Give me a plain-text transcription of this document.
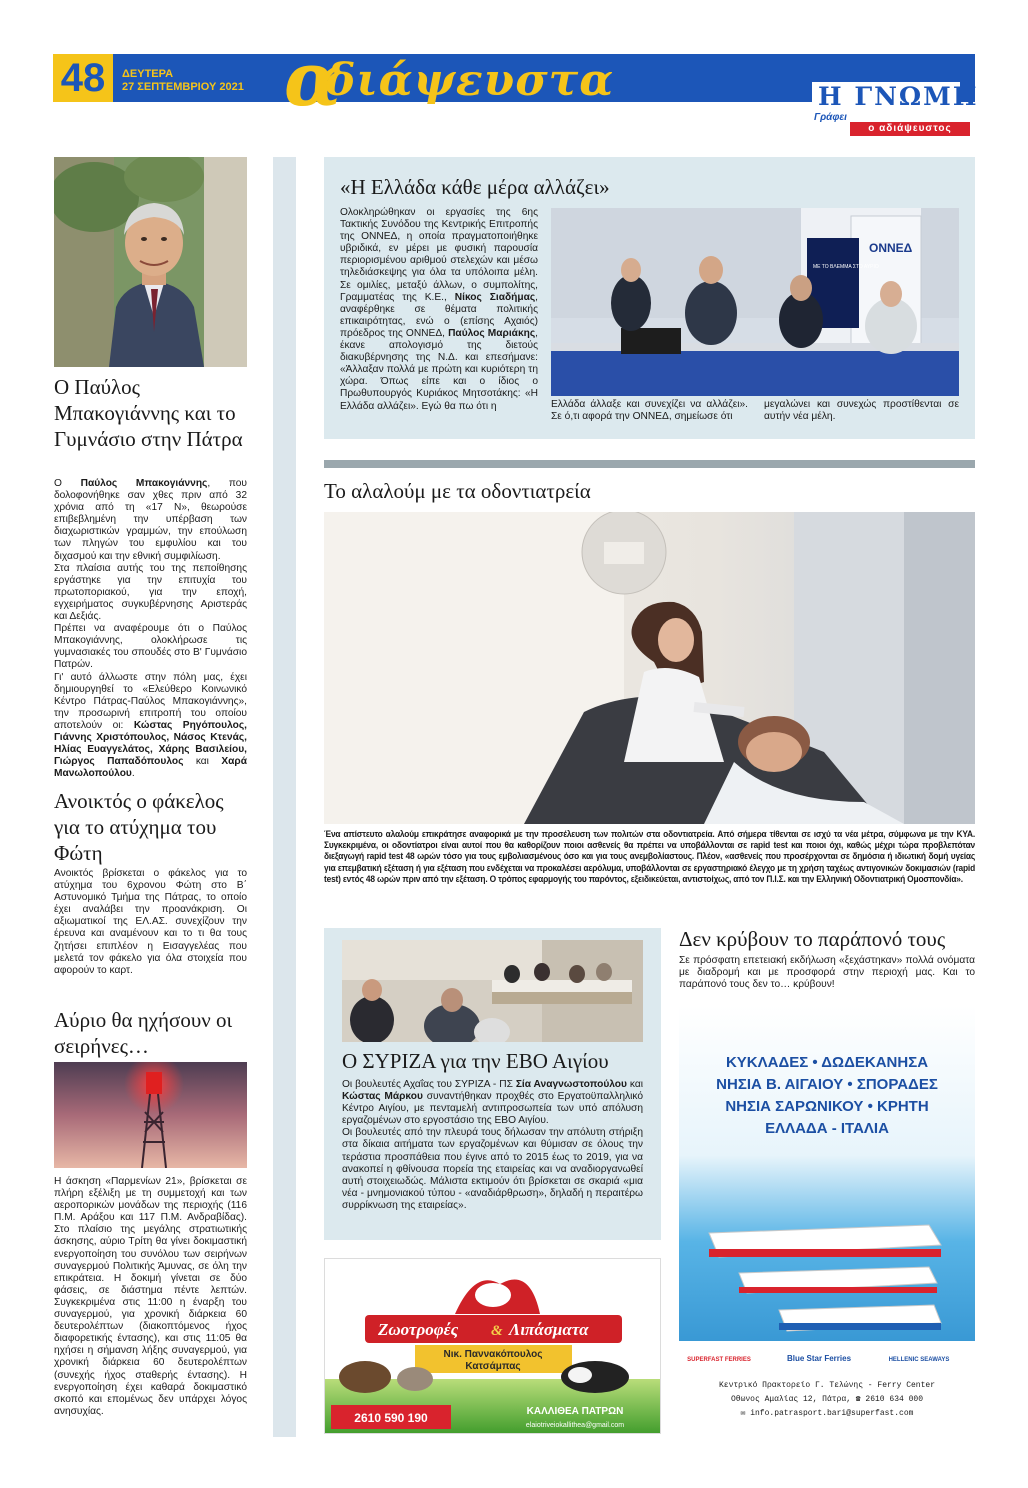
48	ΔΕΥΤΕΡΑ
27 ΣΕΠΤΕΜΒΡΙΟΥ 2021 α
διάψευστα	Η ΓΝΩΜΗ
Γράφει
ο αδιάψευστος
Ο Παύλος Μπακογιάννης και το Γυμνάσιο στην Πάτρα
Ο Παύλος Μπακογιάννης, που δολοφονήθηκε σαν χθες πριν από 32 χρόνια από τη «17 Ν», θεωρούσε επιβεβλημένη την υπέρβαση των διαχωριστικών γραμμών, την επούλωση των πληγών του εμφυλίου και του διχασμού και την εθνική συμφιλίωση.
Στα πλαίσια αυτής του της πεποίθησης εργάστηκε για την επιτυχία του πρωτοποριακού, για την εποχή, εγχειρήματος συγκυβέρνησης Αριστεράς και Δεξιάς.
Πρέπει να αναφέρουμε ότι ο Παύλος Μπακογιάννης, ολοκλήρωσε τις γυμνασιακές του σπουδές στο Β' Γυμνάσιο Πατρών.
Γι' αυτό άλλωστε στην πόλη μας, έχει δημιουργηθεί το «Ελεύθερο Κοινωνικό Κέντρο Πάτρας-Παύλος Μπακογιάννης», την προσωρινή επιτροπή του οποίου αποτελούν οι: Κώστας Ρηγόπουλος, Γιάννης Χριστόπουλος, Νάσος Κτενάς, Ηλίας Ευαγγελάτος, Χάρης Βασιλείου, Γιώργος Παπαδόπουλος και Χαρά Μανωλοπούλου.
Ανοικτός ο φάκελος για το ατύχημα του Φώτη
Ανοικτός βρίσκεται ο φάκελος για το ατύχημα του 6χρονου Φώτη στο Β΄ Αστυνομικό Τμήμα της Πάτρας, το οποίο έχει αναλάβει την προανάκριση. Οι αξιωματικοί της ΕΛ.ΑΣ. συνεχίζουν την έρευνα και αναμένουν και το τι θα τους ζητήσει επιπλέον η Εισαγγελέας που μελετά τον φάκελο για όλα στοιχεία που αφορούν το καρτ.
Αύριο θα ηχήσουν οι σειρήνες…
Η άσκηση «Παρμενίων 21», βρίσκεται σε πλήρη εξέλιξη με τη συμμετοχή και των αεροπορικών μονάδων της περιοχής (116 Π.Μ. Αράξου και 117 Π.Μ. Ανδραβίδας). Στο πλαίσιο της μεγάλης στρατιωτικής άσκησης, αύριο Τρίτη θα γίνει δοκιμαστική ενεργοποίηση του συνόλου των σειρήνων συναγερμού Πολιτικής Άμυνας, σε όλη την επικράτεια. Η δοκιμή γίνεται σε δύο φάσεις, σε διάστημα πέντε λεπτών. Συγκεκριμένα στις 11:00 η έναρξη του συναγερμού, για χρονική διάρκεια 60 δευτερολέπτων (διακοπτόμενος ήχος διαφορετικής έντασης), και στις 11:05 θα ηχήσει η σήμανση λήξης συναγερμού, για χρονική διάρκεια 60 δευτερολέπτων (συνεχής ήχος σταθερής έντασης). Η ενεργοποίηση έχει καθαρά δοκιμαστικό σκοπό και επομένως δεν υπάρχει λόγος ανησυχίας.
«Η Ελλάδα κάθε μέρα αλλάζει»
Ολοκληρώθηκαν οι εργασίες της 6ης Τακτικής Συνόδου της Κεντρικής Επιτροπής της ΟΝΝΕΔ, η οποία πραγματοποιήθηκε υβριδικά, εν μέρει με φυσική παρουσία περιορισμένου αριθμού στελεχών και μέσω τηλεδιάσκεψης για όλα τα υπόλοιπα μέλη. Σε ομιλίες, μεταξύ άλλων, ο συμπολίτης, Γραμματέας της Κ.Ε., Νίκος Σιαδήμας, αναφέρθηκε σε θέματα πολιτικής επικαιρότητας, ενώ ο (επίσης Αχαιός) πρόεδρος της ΟΝΝΕΔ, Παύλος Μαριάκης, έκανε απολογισμό της διετούς διακυβέρνησης της Ν.Δ. και επεσήμανε: «Άλλαξαν πολλά με πρώτη και κυριότερη τη χώρα. Όπως είπε και ο ίδιος ο Πρωθυπουργός Κυριάκος Μητσοτάκης: «Η Ελλάδα αλλάζει». Εγώ θα πω ότι η
ΟΝΝΕΔ
ΜΕ ΤΟ ΒΛΕΜΜΑ ΣΤΟ ΑΥΡΙΟ
Ελλάδα άλλαξε και συνεχίζει να αλλάζει». Σε ό,τι αφορά την ΟΝΝΕΔ, σημείωσε ότι
μεγαλώνει και συνεχώς προστίθενται σε αυτήν νέα μέλη.
Το αλαλούμ με τα οδοντιατρεία
Ένα απίστευτο αλαλούμ επικράτησε αναφορικά με την προσέλευση των πολιτών στα οδοντιατρεία. Από σήμερα τίθενται σε ισχύ τα νέα μέτρα, σύμφωνα με την ΚΥΑ. Συγκεκριμένα, οι οδοντίατροι είναι αυτοί που θα καθορίζουν ποιοι ασθενείς θα πρέπει να υποβάλλονται σε rapid test και ποιοι όχι, καθώς μέχρι τώρα προβλεπόταν διεξαγωγή rapid test 48 ωρών τόσο για τους εμβολιασμένους όσο και για τους ανεμβολίαστους. Πλέον, «ασθενείς που προσέρχονται σε δημόσια ή ιδιωτική δομή υγείας για επεμβατική εξέταση ή για εξέταση που ενδέχεται να προκαλέσει αερόλυμα, υποβάλλονται σε εργαστηριακό έλεγχο με τη χρήση ταχέως αντιγονικών δοκιμασιών (rapid test) εντός 48 ωρών πριν από την εξέταση. Ο τρόπος εφαρμογής του παρόντος, εξειδικεύεται, αντιστοίχως, από τον Π.Ι.Σ. και την Ελληνική Οδοντιατρική Ομοσπονδία».
Ο ΣΥΡΙΖΑ για την ΕΒΟ Αιγίου
Οι βουλευτές Αχαΐας του ΣΥΡΙΖΑ - ΠΣ Σία Αναγνωστοπούλου και Κώστας Μάρκου συναντήθηκαν προχθές στο Εργατοϋπαλληλικό Κέντρο Αιγίου, με πενταμελή αντιπροσωπεία των υπό απόλυση εργαζομένων στο εργοστάσιο της ΕΒΟ Αιγίου.
Οι βουλευτές από την πλευρά τους δήλωσαν την απόλυτη στήριξη στα δίκαια αιτήματα των εργαζομένων και θύμισαν σε όλους την τεράστια προσπάθεια που έγινε από το 2015 έως το 2019, για να ανακοπεί η φθίνουσα πορεία της εταιρείας και να αναδιοργανωθεί αυτή στοιχειωδώς. Μάλιστα εκτιμούν ότι βρίσκεται σε σκαριά «μια νέα - μνημονιακού τύπου - «αναδιάρθρωση», δηλαδή η περαιτέρω συρρίκνωση της εταιρείας».
Ζωοτροφές & Λιπάσματα
Νικ. Παννακόπουλος
Κατσάμπας
2610 590 190	ΚΑΛΛΙΘΕΑ ΠΑΤΡΩΝ
elaiotriveiokallithea@gmail.com
Δεν κρύβουν το παράπονό τους
Σε πρόσφατη επετειακή εκδήλωση «ξεχάστηκαν» πολλά ονόματα με διαδρομή και με προσφορά στην περιοχή μας. Και το παράπονό τους δεν το… κρύβουν!
ΚΥΚΛΑΔΕΣ • ΔΩΔΕΚΑΝΗΣΑ
ΝΗΣΙΑ Β. ΑΙΓΑΙΟΥ • ΣΠΟΡΑΔΕΣ
ΝΗΣΙΑ ΣΑΡΩΝΙΚΟΥ • ΚΡΗΤΗ
ΕΛΛΑΔΑ - ΙΤΑΛΙΑ
SUPERFAST FERRIES	Blue Star Ferries	HELLENIC SEAWAYS
Κεντρικό Πρακτορείο Γ. Τελώνης - Ferry Center
Οθωνος Αμαλίας 12, Πάτρα, ☎ 2610 634 000
✉ info.patrasport.bari@superfast.com
